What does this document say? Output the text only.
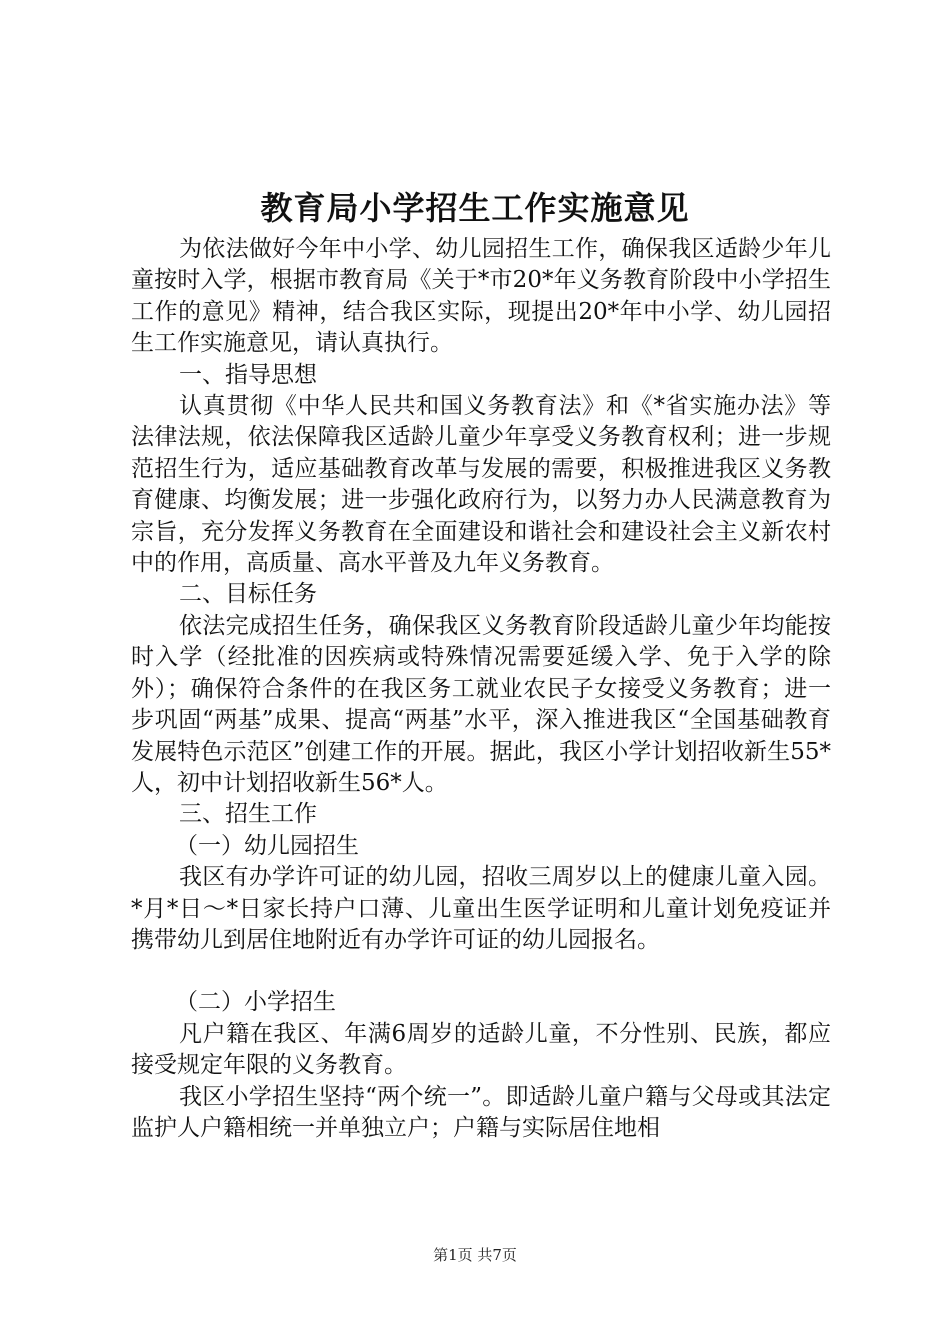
教育局小学招生工作实施意见

为依法做好今年中小学、幼儿园招生工作，确保我区适龄少年儿童按时入学，根据市教育局《关于*市20*年义务教育阶段中小学招生工作的意见》精神，结合我区实际，现提出20*年中小学、幼儿园招生工作实施意见，请认真执行。

一、指导思想

认真贯彻《中华人民共和国义务教育法》和《*省实施办法》等法律法规，依法保障我区适龄儿童少年享受义务教育权利；进一步规范招生行为，适应基础教育改革与发展的需要，积极推进我区义务教育健康、均衡发展；进一步强化政府行为，以努力办人民满意教育为宗旨，充分发挥义务教育在全面建设和谐社会和建设社会主义新农村中的作用，高质量、高水平普及九年义务教育。

二、目标任务

依法完成招生任务，确保我区义务教育阶段适龄儿童少年均能按时入学（经批准的因疾病或特殊情况需要延缓入学、免于入学的除外）；确保符合条件的在我区务工就业农民子女接受义务教育；进一步巩固“两基”成果、提高“两基”水平，深入推进我区“全国基础教育发展特色示范区”创建工作的开展。据此，我区小学计划招收新生55*人，初中计划招收新生56*人。

三、招生工作

（一）幼儿园招生

我区有办学许可证的幼儿园，招收三周岁以上的健康儿童入园。*月*日～*日家长持户口薄、儿童出生医学证明和儿童计划免疫证并携带幼儿到居住地附近有办学许可证的幼儿园报名。

（二）小学招生

凡户籍在我区、年满6周岁的适龄儿童，不分性别、民族，都应接受规定年限的义务教育。

我区小学招生坚持“两个统一”。即适龄儿童户籍与父母或其法定监护人户籍相统一并单独立户；户籍与实际居住地相

第1页 共7页
